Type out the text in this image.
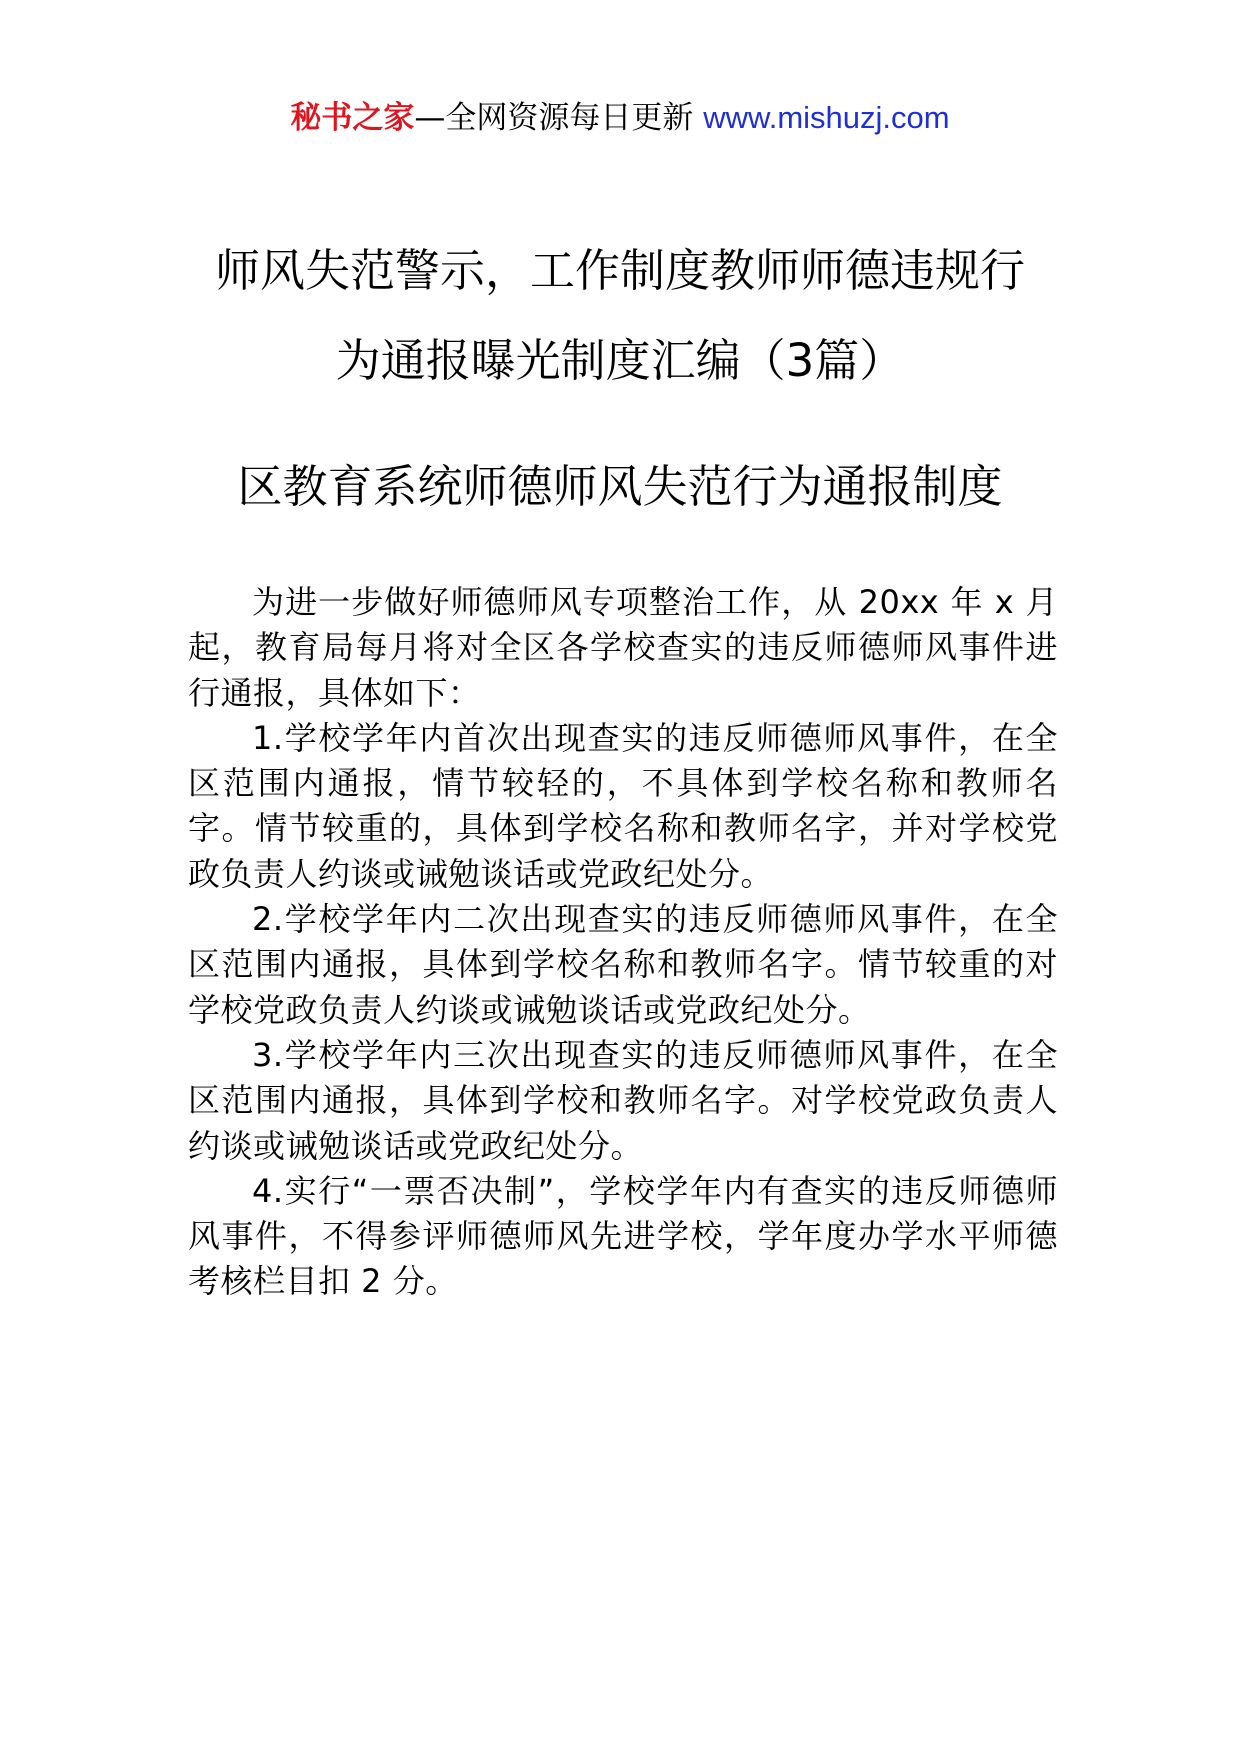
秘书之家—全网资源每日更新 www.mishuzj.com
师风失范警示，工作制度教师师德违规行
为通报曝光制度汇编（3篇）
区教育系统师德师风失范行为通报制度

为进一步做好师德师风专项整治工作，从 20xx 年 x 月起，教育局每月将对全区各学校查实的违反师德师风事件进行通报，具体如下：

1.学校学年内首次出现查实的违反师德师风事件，在全区范围内通报，情节较轻的，不具体到学校名称和教师名字。情节较重的，具体到学校名称和教师名字，并对学校党政负责人约谈或诫勉谈话或党政纪处分。

2.学校学年内二次出现查实的违反师德师风事件，在全区范围内通报，具体到学校名称和教师名字。情节较重的对学校党政负责人约谈或诫勉谈话或党政纪处分。

3.学校学年内三次出现查实的违反师德师风事件，在全区范围内通报，具体到学校和教师名字。对学校党政负责人约谈或诫勉谈话或党政纪处分。

4.实行“一票否决制”，学校学年内有查实的违反师德师风事件，不得参评师德师风先进学校，学年度办学水平师德考核栏目扣 2 分。
